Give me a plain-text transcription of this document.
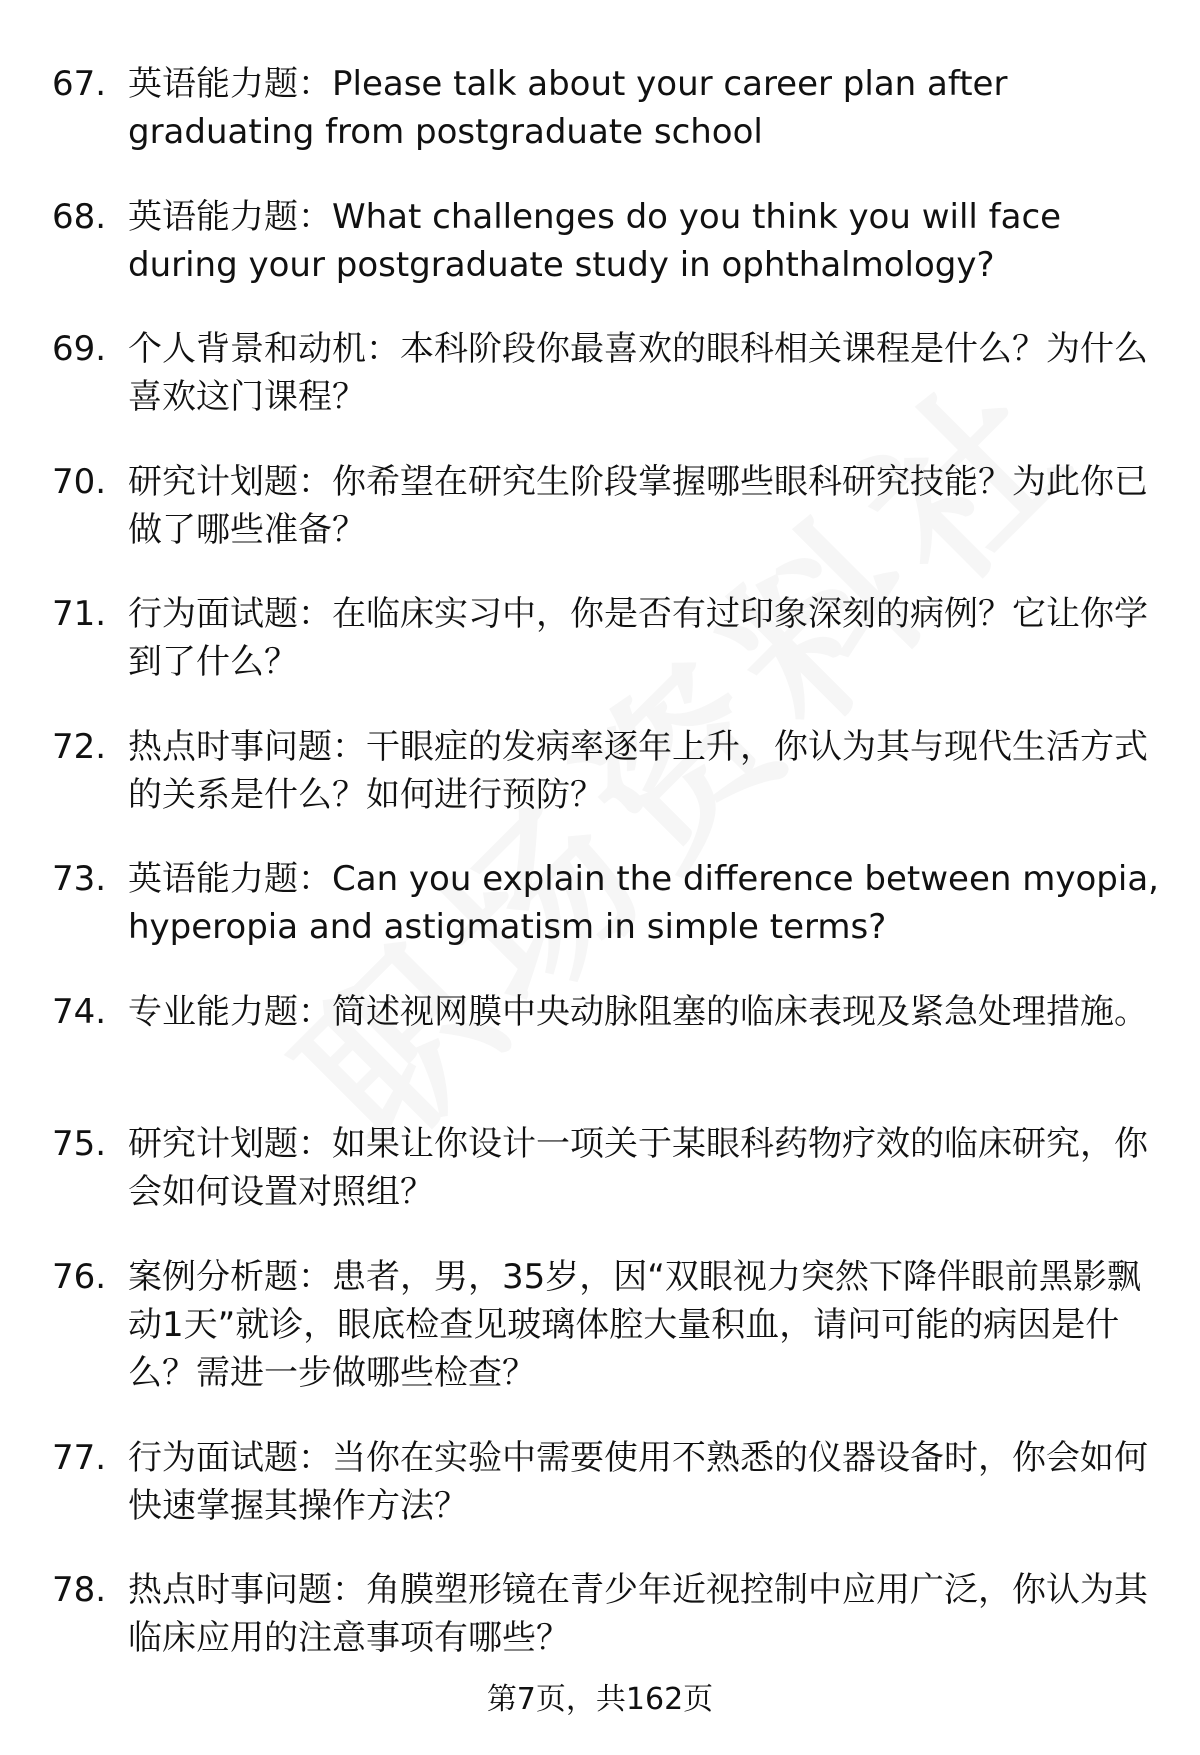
67. 英语能力题：Please talk about your career plan after graduating from postgraduate school
68. 英语能力题：What challenges do you think you will face during your postgraduate study in ophthalmology?
69. 个人背景和动机：本科阶段你最喜欢的眼科相关课程是什么？为什么喜欢这门课程？
70. 研究计划题：你希望在研究生阶段掌握哪些眼科研究技能？为此你已做了哪些准备？
71. 行为面试题：在临床实习中，你是否有过印象深刻的病例？它让你学到了什么？
72. 热点时事问题：干眼症的发病率逐年上升，你认为其与现代生活方式的关系是什么？如何进行预防？
73. 英语能力题：Can you explain the difference between myopia, hyperopia and astigmatism in simple terms?
74. 专业能力题：简述视网膜中央动脉阻塞的临床表现及紧急处理措施。
75. 研究计划题：如果让你设计一项关于某眼科药物疗效的临床研究，你会如何设置对照组？
76. 案例分析题：患者，男，35岁，因“双眼视力突然下降伴眼前黑影飘动1天”就诊，眼底检查见玻璃体腔大量积血，请问可能的病因是什么？需进一步做哪些检查？
77. 行为面试题：当你在实验中需要使用不熟悉的仪器设备时，你会如何快速掌握其操作方法？
78. 热点时事问题：角膜塑形镜在青少年近视控制中应用广泛，你认为其临床应用的注意事项有哪些？
第7页，共162页
